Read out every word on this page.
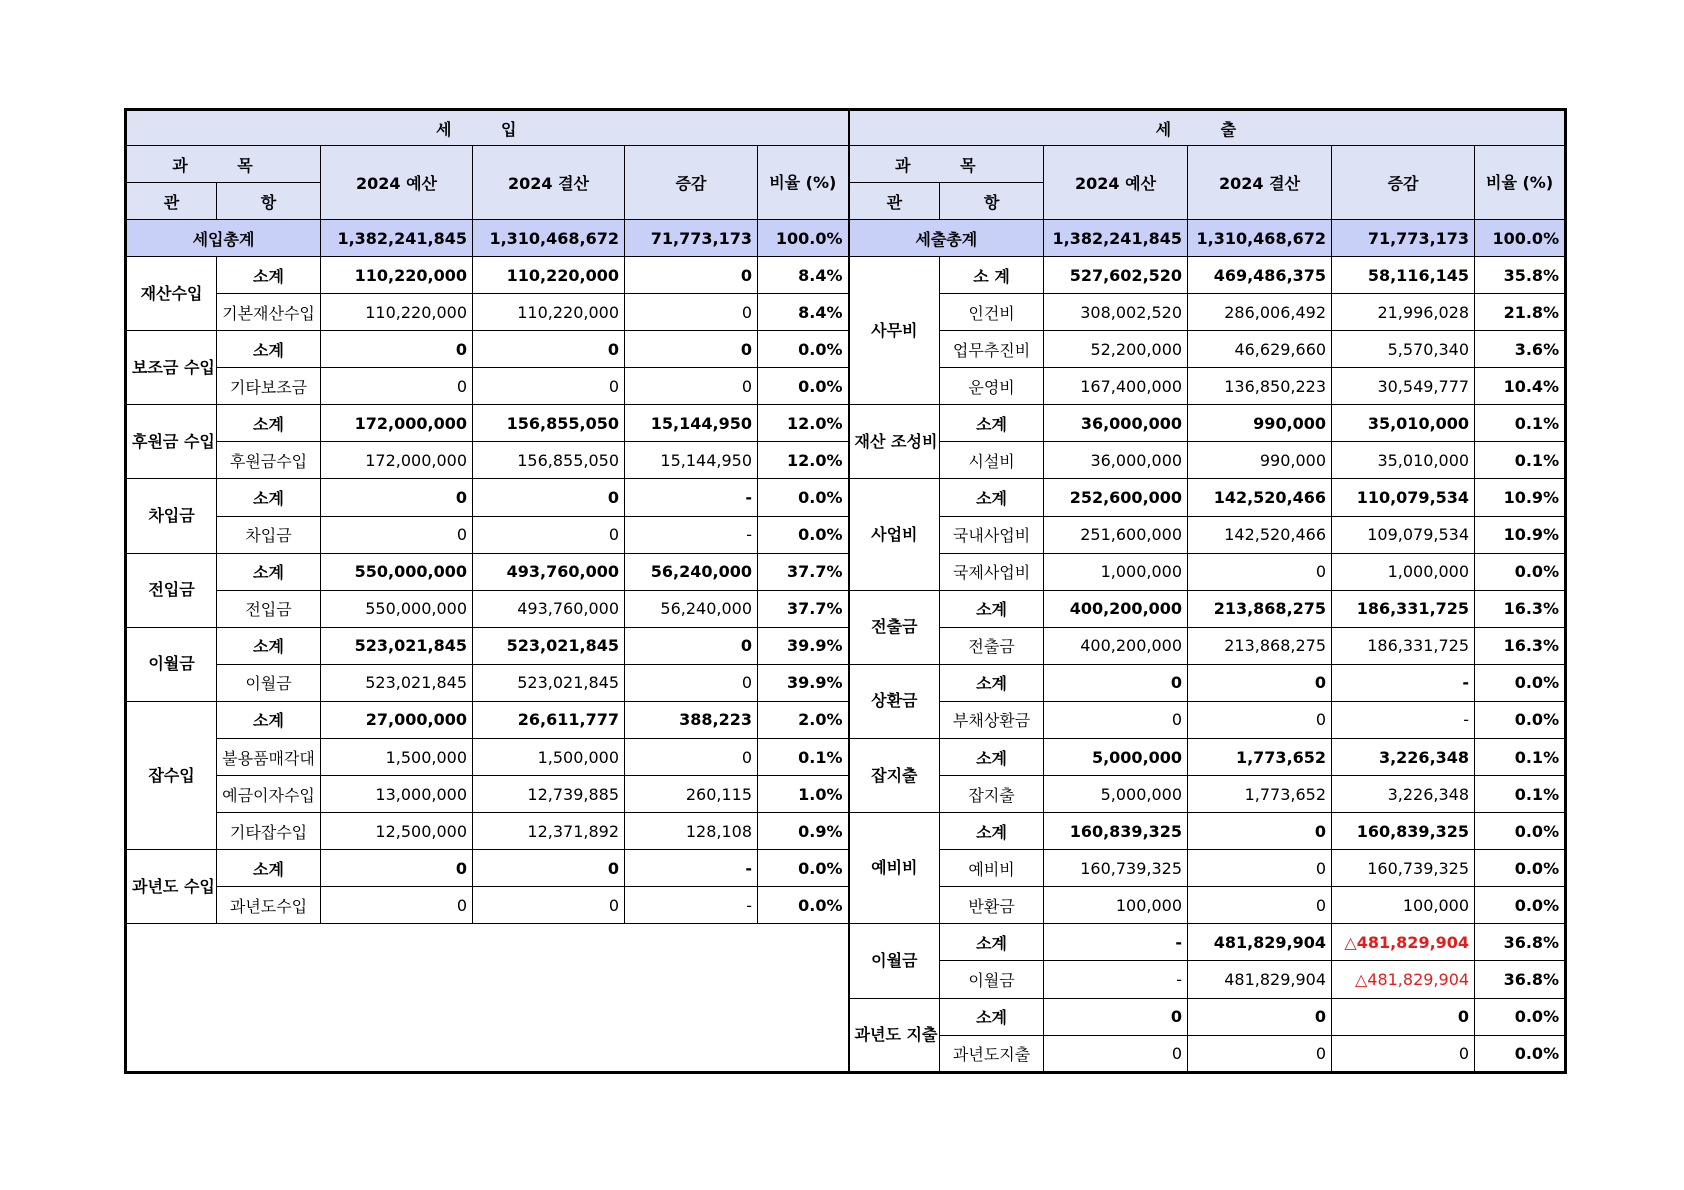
세 입						세 출					
과 목		2024 예산	2024 결산	증감	비율 (%)	과 목		2024 예산	2024 결산	증감	비율 (%)
관	항					관	항				
세입총계		1,382,241,845	1,310,468,672	71,773,173	100.0%	세출총계		1,382,241,845	1,310,468,672	71,773,173	100.0%
재산수입	소계	110,220,000	110,220,000	0	8.4%	사무비	소 계	527,602,520	469,486,375	58,116,145	35.8%
	기본재산수입	110,220,000	110,220,000	0	8.4%		인건비	308,002,520	286,006,492	21,996,028	21.8%
보조금 수입	소계	0	0	0	0.0%		업무추진비	52,200,000	46,629,660	5,570,340	3.6%
	기타보조금	0	0	0	0.0%		운영비	167,400,000	136,850,223	30,549,777	10.4%
후원금 수입	소계	172,000,000	156,855,050	15,144,950	12.0%	재산 조성비	소계	36,000,000	990,000	35,010,000	0.1%
	후원금수입	172,000,000	156,855,050	15,144,950	12.0%		시설비	36,000,000	990,000	35,010,000	0.1%
차입금	소계	0	0	-	0.0%	사업비	소계	252,600,000	142,520,466	110,079,534	10.9%
	차입금	0	0	-	0.0%		국내사업비	251,600,000	142,520,466	109,079,534	10.9%
전입금	소계	550,000,000	493,760,000	56,240,000	37.7%		국제사업비	1,000,000	0	1,000,000	0.0%
	전입금	550,000,000	493,760,000	56,240,000	37.7%	전출금	소계	400,200,000	213,868,275	186,331,725	16.3%
이월금	소계	523,021,845	523,021,845	0	39.9%		전출금	400,200,000	213,868,275	186,331,725	16.3%
	이월금	523,021,845	523,021,845	0	39.9%	상환금	소계	0	0	-	0.0%
잡수입	소계	27,000,000	26,611,777	388,223	2.0%		부채상환금	0	0	-	0.0%
	불용품매각대	1,500,000	1,500,000	0	0.1%	잡지출	소계	5,000,000	1,773,652	3,226,348	0.1%
	예금이자수입	13,000,000	12,739,885	260,115	1.0%		잡지출	5,000,000	1,773,652	3,226,348	0.1%
	기타잡수입	12,500,000	12,371,892	128,108	0.9%	예비비	소계	160,839,325	0	160,839,325	0.0%
과년도 수입	소계	0	0	-	0.0%		예비비	160,739,325	0	160,739,325	0.0%
	과년도수입	0	0	-	0.0%		반환금	100,000	0	100,000	0.0%
						이월금	소계	-	481,829,904	△481,829,904	36.8%
							이월금	-	481,829,904	△481,829,904	36.8%
						과년도 지출	소계	0	0	0	0.0%
							과년도지출	0	0	0	0.0%
